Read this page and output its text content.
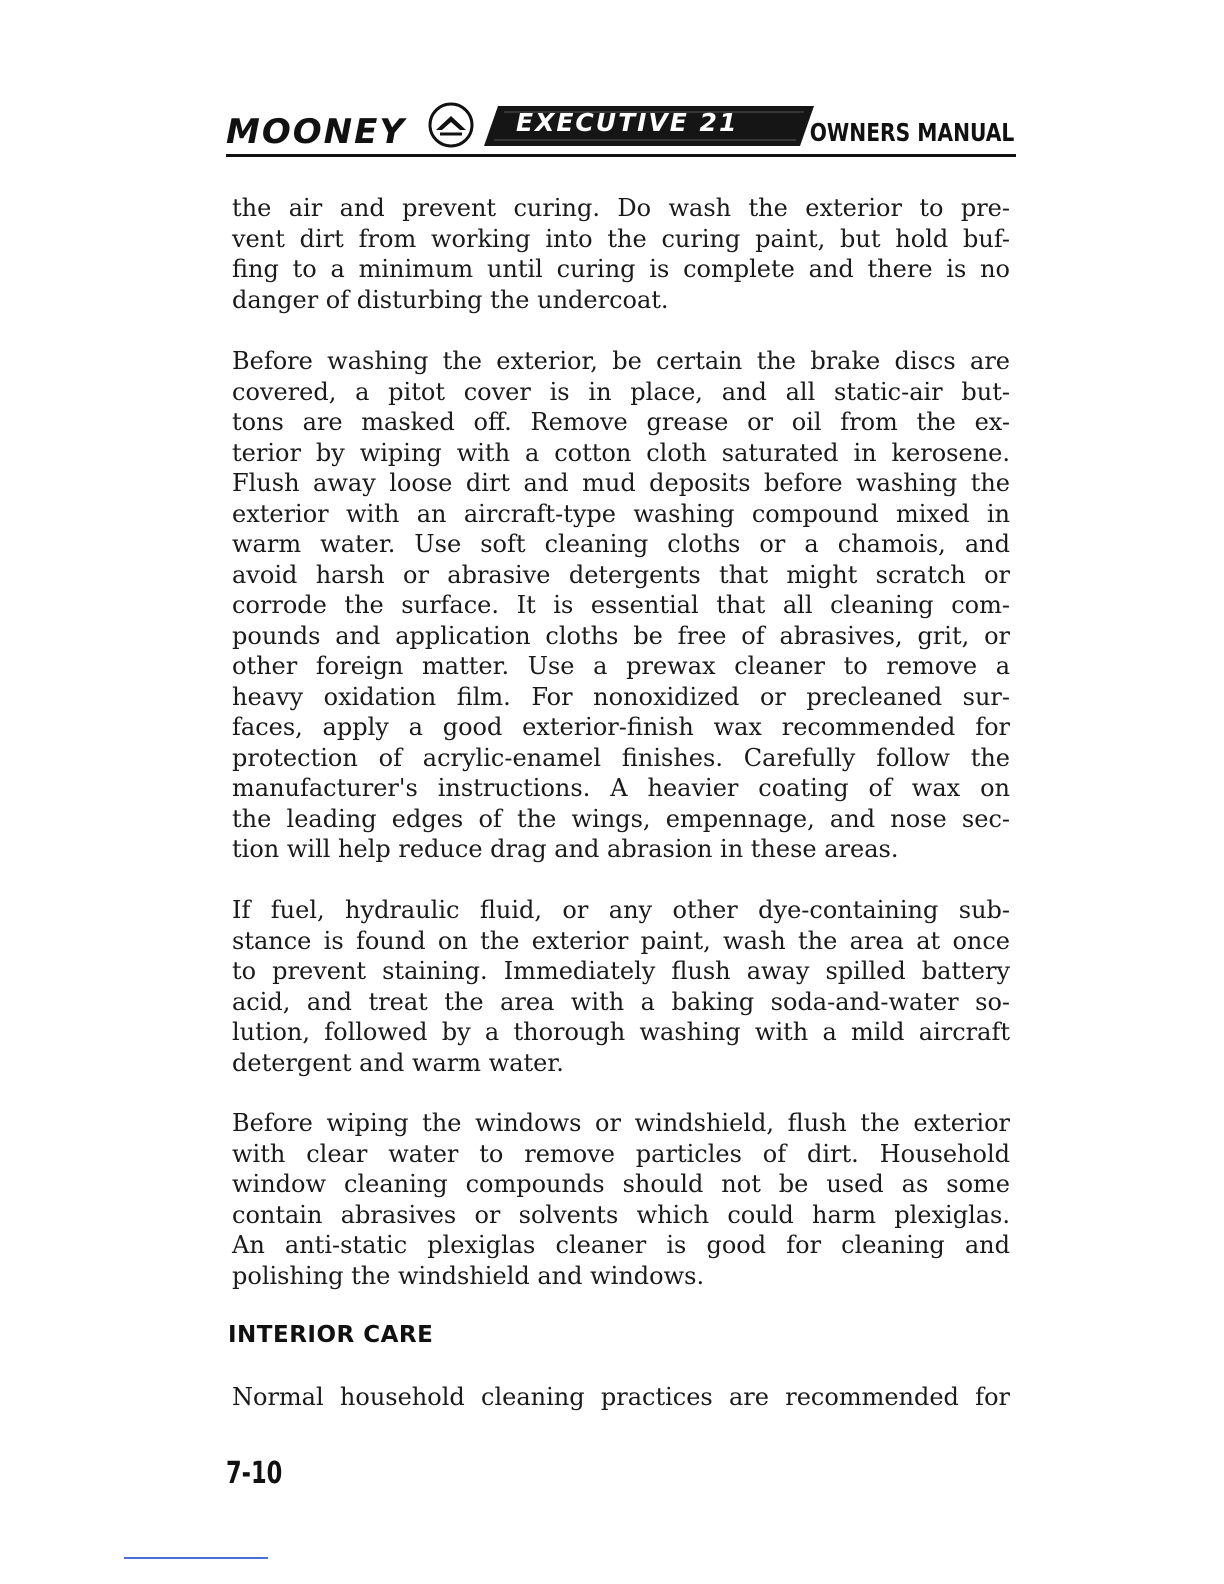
MOONEY	EXECUTIVE 21	OWNERS MANUAL

the air and prevent curing. Do wash the exterior to pre-
vent dirt from working into the curing paint, but hold buf-
fing to a minimum until curing is complete and there is no
danger of disturbing the undercoat.

Before washing the exterior, be certain the brake discs are
covered, a pitot cover is in place, and all static-air but-
tons are masked off. Remove grease or oil from the ex-
terior by wiping with a cotton cloth saturated in kerosene.
Flush away loose dirt and mud deposits before washing the
exterior with an aircraft-type washing compound mixed in
warm water. Use soft cleaning cloths or a chamois, and
avoid harsh or abrasive detergents that might scratch or
corrode the surface. It is essential that all cleaning com-
pounds and application cloths be free of abrasives, grit, or
other foreign matter. Use a prewax cleaner to remove a
heavy oxidation film. For nonoxidized or precleaned sur-
faces, apply a good exterior-finish wax recommended for
protection of acrylic-enamel finishes. Carefully follow the
manufacturer's instructions. A heavier coating of wax on
the leading edges of the wings, empennage, and nose sec-
tion will help reduce drag and abrasion in these areas.

If fuel, hydraulic fluid, or any other dye-containing sub-
stance is found on the exterior paint, wash the area at once
to prevent staining. Immediately flush away spilled battery
acid, and treat the area with a baking soda-and-water so-
lution, followed by a thorough washing with a mild aircraft
detergent and warm water.

Before wiping the windows or windshield, flush the exterior
with clear water to remove particles of dirt. Household
window cleaning compounds should not be used as some
contain abrasives or solvents which could harm plexiglas.
An anti-static plexiglas cleaner is good for cleaning and
polishing the windshield and windows.

INTERIOR CARE

Normal household cleaning practices are recommended for

7-10
